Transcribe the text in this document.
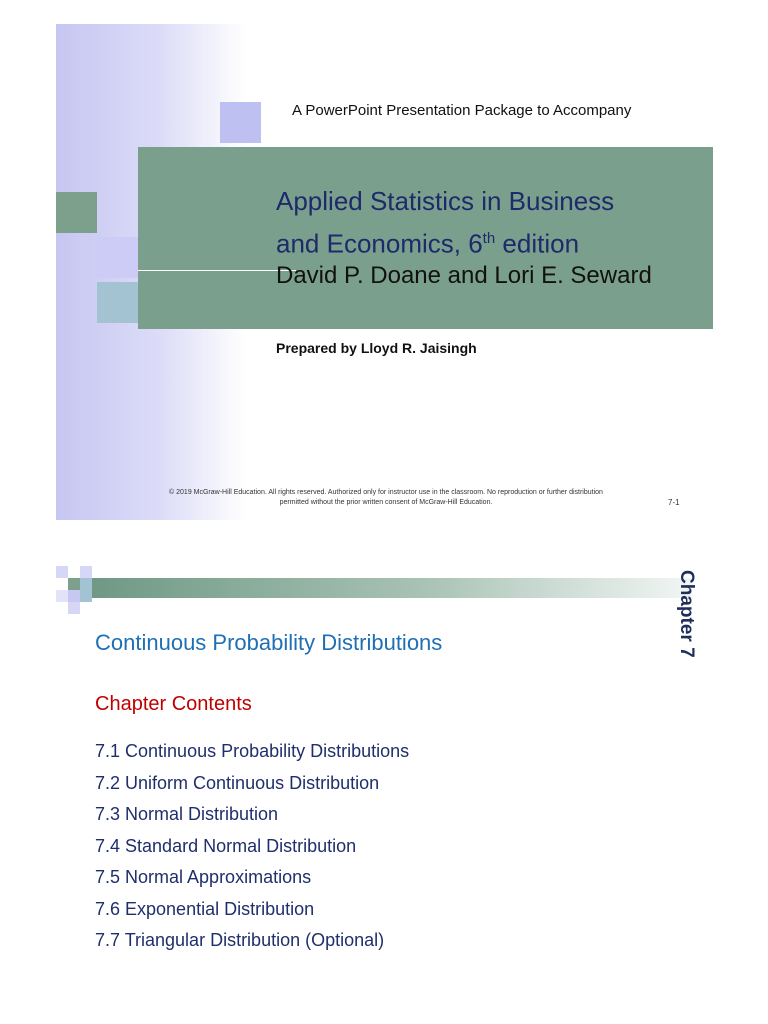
A PowerPoint Presentation Package to Accompany
Applied Statistics in Business
and Economics, 6th edition
David P. Doane and Lori E. Seward
Prepared by Lloyd R. Jaisingh
© 2019 McGraw-Hill Education. All rights reserved. Authorized only for instructor use in the classroom. No reproduction or further distribution
permitted without the prior written consent of McGraw-Hill Education.	7-1
Chapter 7
Continuous Probability Distributions
Chapter Contents
7.1 Continuous Probability Distributions
7.2 Uniform Continuous Distribution
7.3 Normal Distribution
7.4 Standard Normal Distribution
7.5 Normal Approximations
7.6 Exponential Distribution
7.7 Triangular Distribution (Optional)
